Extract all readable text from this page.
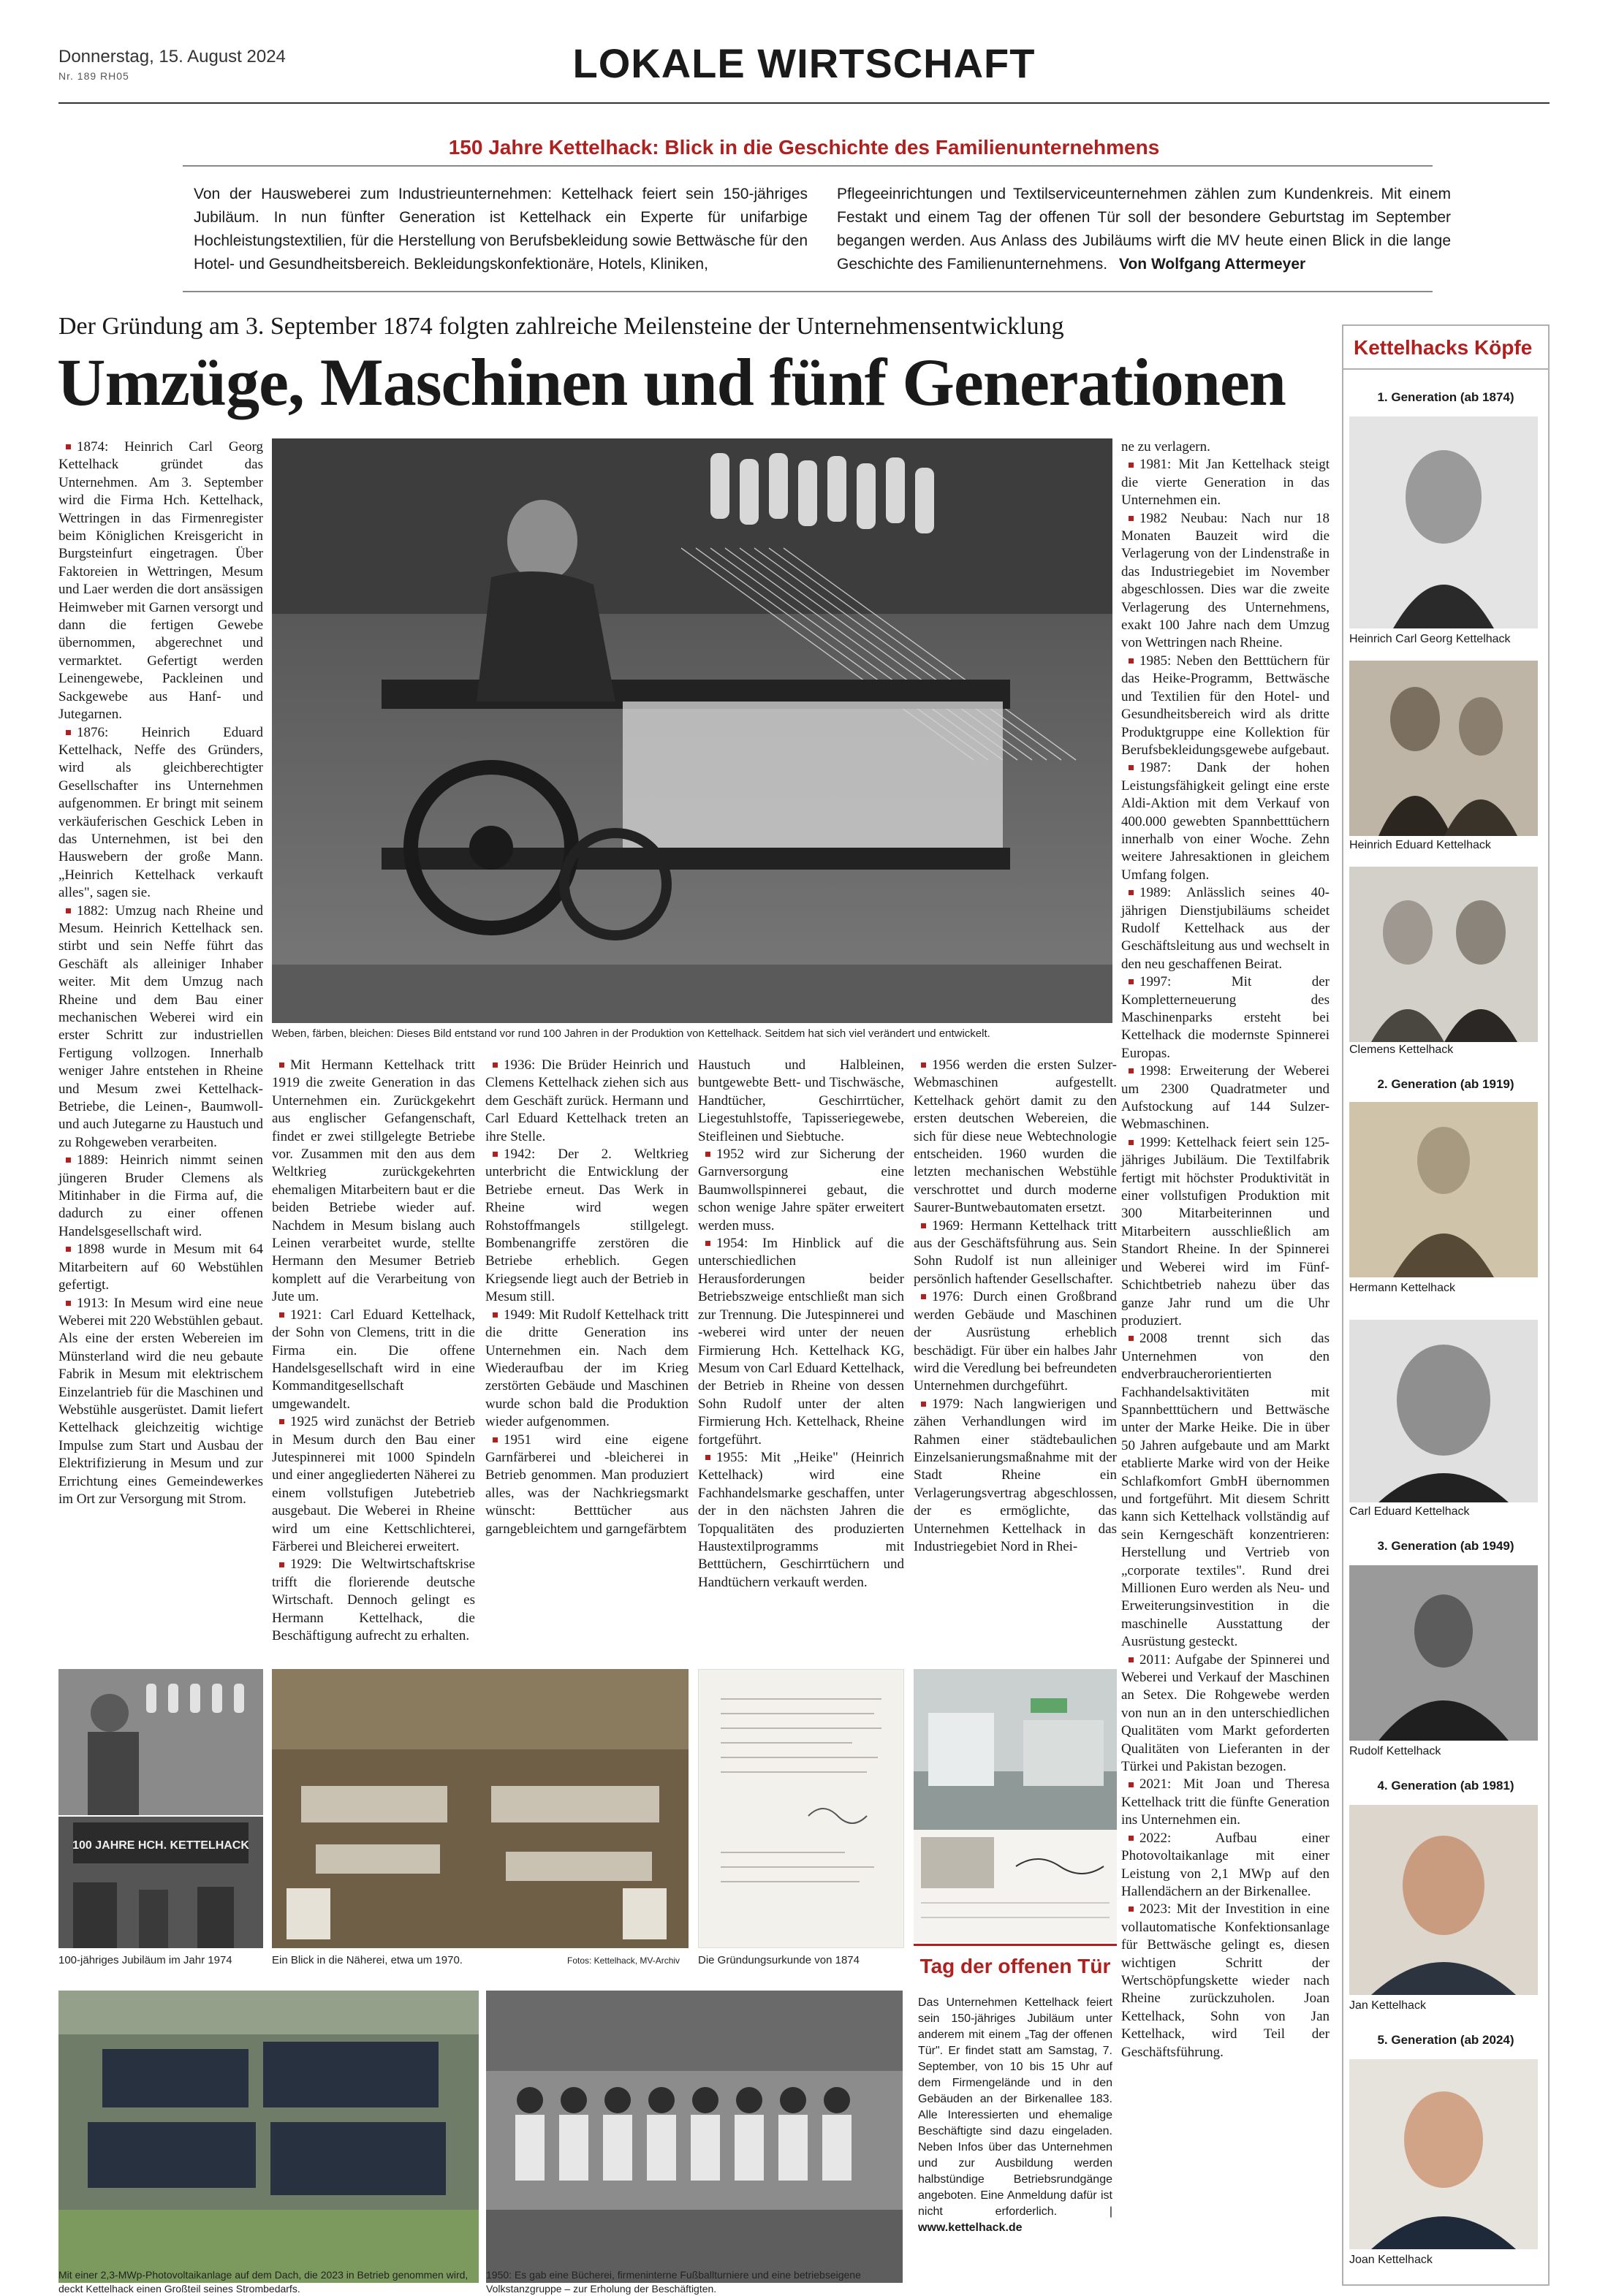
Donnerstag, 15. August 2024
Nr. 189 RH05	LOKALE WIRTSCHAFT
150 Jahre Kettelhack: Blick in die Geschichte des Familienunternehmens
Von der Hausweberei zum Industrieunternehmen: Kettelhack feiert sein 150-jähriges Jubiläum. In nun fünfter Generation ist Kettelhack ein Experte für unifarbige Hochleistungstextilien, für die Herstellung von Berufsbekleidung sowie Bettwäsche für den Hotel- und Gesundheitsbereich. Bekleidungskonfektionäre, Hotels, Kliniken,
Pflegeeinrichtungen und Textilserviceunternehmen zählen zum Kundenkreis. Mit einem Festakt und einem Tag der offenen Tür soll der besondere Geburtstag im September begangen werden. Aus Anlass des Jubiläums wirft die MV heute einen Blick in die lange Geschichte des Familienunternehmens. Von Wolfgang Attermeyer
Der Gründung am 3. September 1874 folgten zahlreiche Meilensteine der Unternehmensentwicklung
Umzüge, Maschinen und fünf Generationen
1874: Heinrich Carl Georg Kettelhack gründet das Unternehmen. Am 3. September wird die Firma Hch. Kettelhack, Wettringen in das Firmenregister beim Königlichen Kreisgericht in Burgsteinfurt eingetragen. Über Faktoreien in Wettringen, Mesum und Laer werden die dort ansässigen Heimweber mit Garnen versorgt und dann die fertigen Gewebe übernommen, abgerechnet und vermarktet. Gefertigt werden Leinengewebe, Packleinen und Sackgewebe aus Hanf- und Jutegarnen.
1876: Heinrich Eduard Kettelhack, Neffe des Gründers, wird als gleichberechtigter Gesellschafter ins Unternehmen aufgenommen. Er bringt mit seinem verkäuferischen Geschick Leben in das Unternehmen, ist bei den Hauswebern der große Mann. „Heinrich Kettelhack verkauft alles", sagen sie.
1882: Umzug nach Rheine und Mesum. Heinrich Kettelhack sen. stirbt und sein Neffe führt das Geschäft als alleiniger Inhaber weiter. Mit dem Umzug nach Rheine und dem Bau einer mechanischen Weberei wird ein erster Schritt zur industriellen Fertigung vollzogen. Innerhalb weniger Jahre entstehen in Rheine und Mesum zwei Kettelhack-Betriebe, die Leinen-, Baumwoll- und auch Jutegarne zu Haustuch und zu Rohgeweben verarbeiten.
1889: Heinrich nimmt seinen jüngeren Bruder Clemens als Mitinhaber in die Firma auf, die dadurch zu einer offenen Handelsgesellschaft wird.
1898 wurde in Mesum mit 64 Mitarbeitern auf 60 Webstühlen gefertigt.
1913: In Mesum wird eine neue Weberei mit 220 Webstühlen gebaut. Als eine der ersten Webereien im Münsterland wird die neu gebaute Fabrik in Mesum mit elektrischem Einzelantrieb für die Maschinen und Webstühle ausgerüstet. Damit liefert Kettelhack gleichzeitig wichtige Impulse zum Start und Ausbau der Elektrifizierung in Mesum und zur Errichtung eines Gemeindewerkes im Ort zur Versorgung mit Strom.
Weben, färben, bleichen: Dieses Bild entstand vor rund 100 Jahren in der Produktion von Kettelhack. Seitdem hat sich viel verändert und entwickelt.
Mit Hermann Kettelhack tritt 1919 die zweite Generation in das Unternehmen ein. Zurückgekehrt aus englischer Gefangenschaft, findet er zwei stillgelegte Betriebe vor. Zusammen mit den aus dem Weltkrieg zurückgekehrten ehemaligen Mitarbeitern baut er die beiden Betriebe wieder auf. Nachdem in Mesum bislang auch Leinen verarbeitet wurde, stellte Hermann den Mesumer Betrieb komplett auf die Verarbeitung von Jute um.
1921: Carl Eduard Kettelhack, der Sohn von Clemens, tritt in die Firma ein. Die offene Handelsgesellschaft wird in eine Kommanditgesellschaft umgewandelt.
1925 wird zunächst der Betrieb in Mesum durch den Bau einer Jutespinnerei mit 1000 Spindeln und einer angegliederten Näherei zu einem vollstufigen Jutebetrieb ausgebaut. Die Weberei in Rheine wird um eine Kettschlichterei, Färberei und Bleicherei erweitert.
1929: Die Weltwirtschaftskrise trifft die florierende deutsche Wirtschaft. Dennoch gelingt es Hermann Kettelhack, die Beschäftigung aufrecht zu erhalten.
1936: Die Brüder Heinrich und Clemens Kettelhack ziehen sich aus dem Geschäft zurück. Hermann und Carl Eduard Kettelhack treten an ihre Stelle.
1942: Der 2. Weltkrieg unterbricht die Entwicklung der Betriebe erneut. Das Werk in Rheine wird wegen Rohstoffmangels stillgelegt. Bombenangriffe zerstören die Betriebe erheblich. Gegen Kriegsende liegt auch der Betrieb in Mesum still.
1949: Mit Rudolf Kettelhack tritt die dritte Generation ins Unternehmen ein. Nach dem Wiederaufbau der im Krieg zerstörten Gebäude und Maschinen wurde schon bald die Produktion wieder aufgenommen.
1951 wird eine eigene Garnfärberei und -bleicherei in Betrieb genommen. Man produziert alles, was der Nachkriegsmarkt wünscht: Betttücher aus garngebleichtem und garngefärbtem
Haustuch und Halbleinen, buntgewebte Bett- und Tischwäsche, Handtücher, Geschirrtücher, Liegestuhlstoffe, Tapisseriegewebe, Steifleinen und Siebtuche.
1952 wird zur Sicherung der Garnversorgung eine Baumwollspinnerei gebaut, die schon wenige Jahre später erweitert werden muss.
1954: Im Hinblick auf die unterschiedlichen Herausforderungen beider Betriebszweige entschließt man sich zur Trennung. Die Jutespinnerei und -weberei wird unter der neuen Firmierung Hch. Kettelhack KG, Mesum von Carl Eduard Kettelhack, der Betrieb in Rheine von dessen Sohn Rudolf unter der alten Firmierung Hch. Kettelhack, Rheine fortgeführt.
1955: Mit „Heike" (Heinrich Kettelhack) wird eine Fachhandelsmarke geschaffen, unter der in den nächsten Jahren die Topqualitäten des produzierten Haustextilprogramms mit Betttüchern, Geschirrtüchern und Handtüchern verkauft werden.
1956 werden die ersten Sulzer-Webmaschinen aufgestellt. Kettelhack gehört damit zu den ersten deutschen Webereien, die sich für diese neue Webtechnologie entscheiden. 1960 wurden die letzten mechanischen Webstühle verschrottet und durch moderne Saurer-Buntwebautomaten ersetzt.
1969: Hermann Kettelhack tritt aus der Geschäftsführung aus. Sein Sohn Rudolf ist nun alleiniger persönlich haftender Gesellschafter.
1976: Durch einen Großbrand werden Gebäude und Maschinen der Ausrüstung erheblich beschädigt. Für über ein halbes Jahr wird die Veredlung bei befreundeten Unternehmen durchgeführt.
1979: Nach langwierigen und zähen Verhandlungen wird im Rahmen einer städtebaulichen Einzelsanierungsmaßnahme mit der Stadt Rheine ein Verlagerungsvertrag abgeschlossen, der es ermöglichte, das Unternehmen Kettelhack in das Industriegebiet Nord in Rhei-
ne zu verlagern.
1981: Mit Jan Kettelhack steigt die vierte Generation in das Unternehmen ein.
1982 Neubau: Nach nur 18 Monaten Bauzeit wird die Verlagerung von der Lindenstraße in das Industriegebiet im November abgeschlossen. Dies war die zweite Verlagerung des Unternehmens, exakt 100 Jahre nach dem Umzug von Wettringen nach Rheine.
1985: Neben den Betttüchern für das Heike-Programm, Bettwäsche und Textilien für den Hotel- und Gesundheitsbereich wird als dritte Produktgruppe eine Kollektion für Berufsbekleidungsgewebe aufgebaut.
1987: Dank der hohen Leistungsfähigkeit gelingt eine erste Aldi-Aktion mit dem Verkauf von 400.000 gewebten Spannbetttüchern innerhalb von einer Woche. Zehn weitere Jahresaktionen in gleichem Umfang folgen.
1989: Anlässlich seines 40-jährigen Dienstjubiläums scheidet Rudolf Kettelhack aus der Geschäftsleitung aus und wechselt in den neu geschaffenen Beirat.
1997: Mit der Kompletterneuerung des Maschinenparks ersteht bei Kettelhack die modernste Spinnerei Europas.
1998: Erweiterung der Weberei um 2300 Quadratmeter und Aufstockung auf 144 Sulzer-Webmaschinen.
1999: Kettelhack feiert sein 125-jähriges Jubiläum. Die Textilfabrik fertigt mit höchster Produktivität in einer vollstufigen Produktion mit 300 Mitarbeiterinnen und Mitarbeitern ausschließlich am Standort Rheine. In der Spinnerei und Weberei wird im Fünf-Schichtbetrieb nahezu über das ganze Jahr rund um die Uhr produziert.
2008 trennt sich das Unternehmen von den endverbraucherorientierten Fachhandelsaktivitäten mit Spannbetttüchern und Bettwäsche unter der Marke Heike. Die in über 50 Jahren aufgebaute und am Markt etablierte Marke wird von der Heike Schlafkomfort GmbH übernommen und fortgeführt. Mit diesem Schritt kann sich Kettelhack vollständig auf sein Kerngeschäft konzentrieren: Herstellung und Vertrieb von „corporate textiles". Rund drei Millionen Euro werden als Neu- und Erweiterungsinvestition in die maschinelle Ausstattung der Ausrüstung gesteckt.
2011: Aufgabe der Spinnerei und Weberei und Verkauf der Maschinen an Setex. Die Rohgewebe werden von nun an in den unterschiedlichen Qualitäten vom Markt geforderten Qualitäten von Lieferanten in der Türkei und Pakistan bezogen.
2021: Mit Joan und Theresa Kettelhack tritt die fünfte Generation ins Unternehmen ein.
2022: Aufbau einer Photovoltaikanlage mit einer Leistung von 2,1 MWp auf den Hallendächern an der Birkenallee.
2023: Mit der Investition in eine vollautomatische Konfektionsanlage für Bettwäsche gelingt es, diesen wichtigen Schritt der Wertschöpfungskette wieder nach Rheine zurückzuholen. Joan Kettelhack, Sohn von Jan Kettelhack, wird Teil der Geschäftsführung.
100 JAHRE HCH. KETTELHACK
100-jähriges Jubiläum im Jahr 1974	Ein Blick in die Näherei, etwa um 1970.	Fotos: Kettelhack, MV-Archiv Die Gründungsurkunde von 1874
Mit einer 2,3-MWp-Photovoltaikanlage auf dem Dach, die 2023 in Betrieb genommen wird, deckt Kettelhack einen Großteil seines Strombedarfs.
1950: Es gab eine Bücherei, firmeninterne Fußballturniere und eine betriebseigene Volkstanzgruppe – zur Erholung der Beschäftigten.
Tag der offenen Tür
Das Unternehmen Kettelhack feiert sein 150-jähriges Jubiläum unter anderem mit einem „Tag der offenen Tür". Er findet statt am Samstag, 7. September, von 10 bis 15 Uhr auf dem Firmengelände und in den Gebäuden an der Birkenallee 183. Alle Interessierten und ehemalige Beschäftigte sind dazu eingeladen. Neben Infos über das Unternehmen und zur Ausbildung werden halbstündige Betriebsrundgänge angeboten. Eine Anmeldung dafür ist nicht erforderlich. | www.kettelhack.de
Kettelhacks Köpfe
1. Generation (ab 1874)
Heinrich Carl Georg Kettelhack
Heinrich Eduard Kettelhack
Clemens Kettelhack
2. Generation (ab 1919)
Hermann Kettelhack
Carl Eduard Kettelhack
3. Generation (ab 1949)
Rudolf Kettelhack
4. Generation (ab 1981)
Jan Kettelhack
5. Generation (ab 2024)
Joan Kettelhack
